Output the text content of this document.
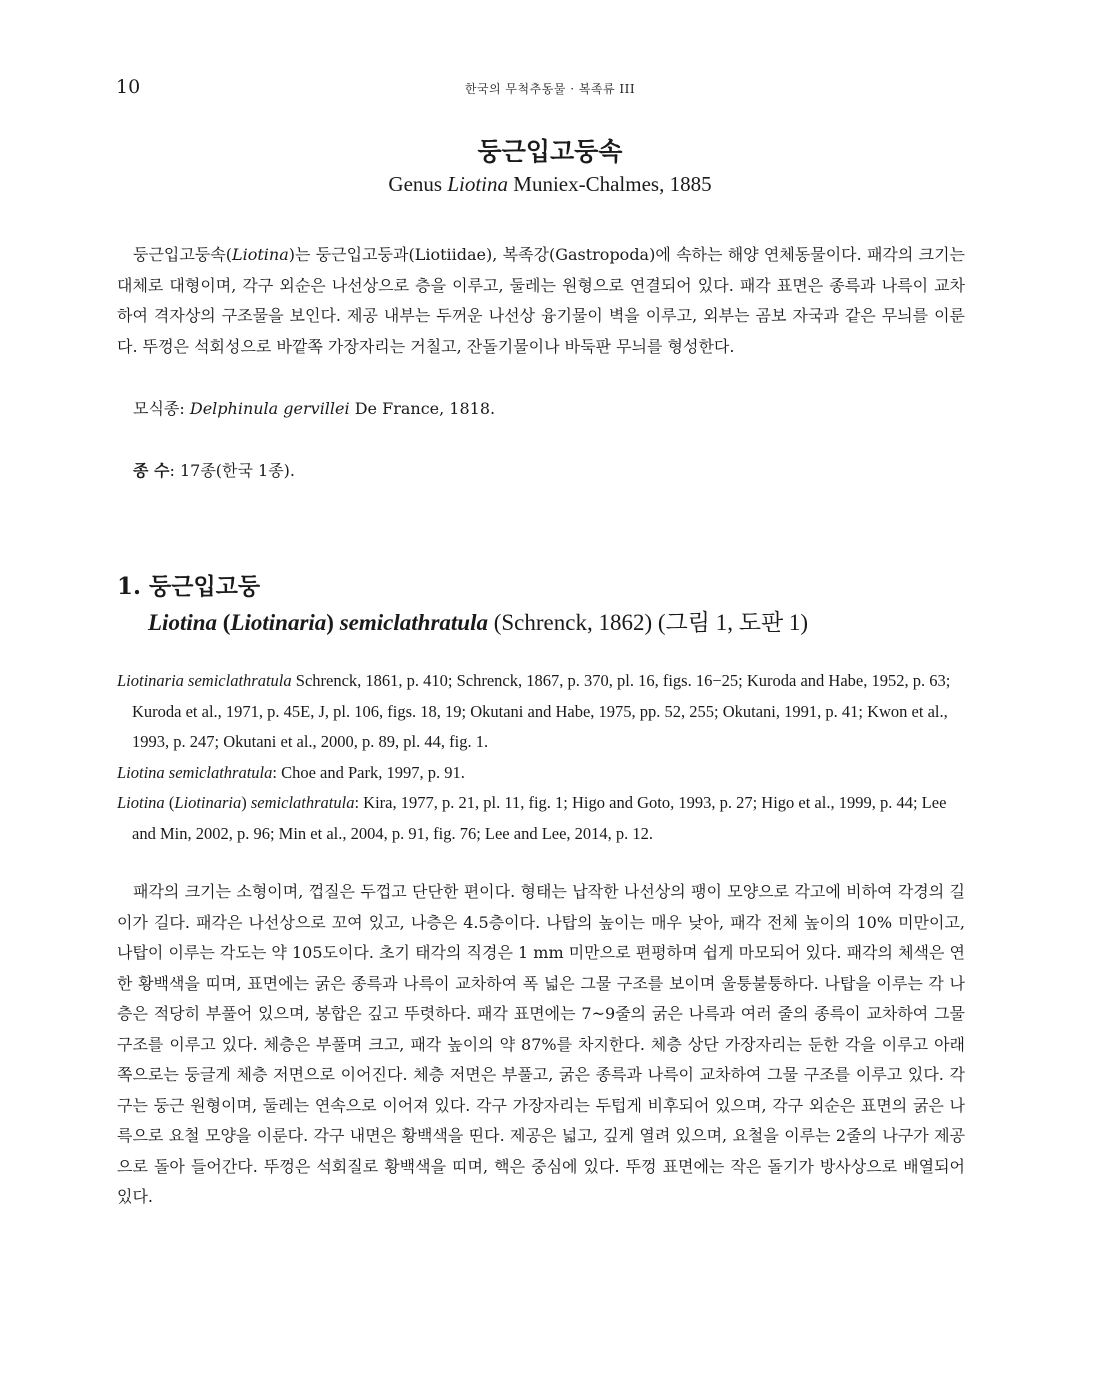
10	한국의 무척추동물 · 복족류 III
둥근입고둥속
Genus Liotina Muniex-Chalmes, 1885

둥근입고둥속(Liotina)는 둥근입고둥과(Liotiidae), 복족강(Gastropoda)에 속하는 해양 연체동물이다. 패각의 크기는 대체로 대형이며, 각구 외순은 나선상으로 층을 이루고, 둘레는 원형으로 연결되어 있다. 패각 표면은 종륵과 나륵이 교차하여 격자상의 구조물을 보인다. 제공 내부는 두꺼운 나선상 융기물이 벽을 이루고, 외부는 곰보 자국과 같은 무늬를 이룬다. 뚜껑은 석회성으로 바깥쪽 가장자리는 거칠고, 잔돌기물이나 바둑판 무늬를 형성한다.

모식종: Delphinula gervillei De France, 1818.
종 수: 17종(한국 1종).
1. 둥근입고둥
Liotina (Liotinaria) semiclathratula (Schrenck, 1862) (그림 1, 도판 1)

Liotinaria semiclathratula Schrenck, 1861, p. 410; Schrenck, 1867, p. 370, pl. 16, figs. 16−25; Kuroda and Habe, 1952, p. 63; Kuroda et al., 1971, p. 45E, J, pl. 106, figs. 18, 19; Okutani and Habe, 1975, pp. 52, 255; Okutani, 1991, p. 41; Kwon et al., 1993, p. 247; Okutani et al., 2000, p. 89, pl. 44, fig. 1.

Liotina semiclathratula: Choe and Park, 1997, p. 91.

Liotina (Liotinaria) semiclathratula: Kira, 1977, p. 21, pl. 11, fig. 1; Higo and Goto, 1993, p. 27; Higo et al., 1999, p. 44; Lee and Min, 2002, p. 96; Min et al., 2004, p. 91, fig. 76; Lee and Lee, 2014, p. 12.

패각의 크기는 소형이며, 껍질은 두껍고 단단한 편이다. 형태는 납작한 나선상의 팽이 모양으로 각고에 비하여 각경의 길이가 길다. 패각은 나선상으로 꼬여 있고, 나층은 4.5층이다. 나탑의 높이는 매우 낮아, 패각 전체 높이의 10% 미만이고, 나탑이 이루는 각도는 약 105도이다. 초기 태각의 직경은 1 mm 미만으로 편평하며 쉽게 마모되어 있다. 패각의 체색은 연한 황백색을 띠며, 표면에는 굵은 종륵과 나륵이 교차하여 폭 넓은 그물 구조를 보이며 울퉁불퉁하다. 나탑을 이루는 각 나층은 적당히 부풀어 있으며, 봉합은 깊고 뚜렷하다. 패각 표면에는 7~9줄의 굵은 나륵과 여러 줄의 종륵이 교차하여 그물 구조를 이루고 있다. 체층은 부풀며 크고, 패각 높이의 약 87%를 차지한다. 체층 상단 가장자리는 둔한 각을 이루고 아래쪽으로는 둥글게 체층 저면으로 이어진다. 체층 저면은 부풀고, 굵은 종륵과 나륵이 교차하여 그물 구조를 이루고 있다. 각구는 둥근 원형이며, 둘레는 연속으로 이어져 있다. 각구 가장자리는 두텁게 비후되어 있으며, 각구 외순은 표면의 굵은 나륵으로 요철 모양을 이룬다. 각구 내면은 황백색을 띤다. 제공은 넓고, 깊게 열려 있으며, 요철을 이루는 2줄의 나구가 제공으로 돌아 들어간다. 뚜껑은 석회질로 황백색을 띠며, 핵은 중심에 있다. 뚜껑 표면에는 작은 돌기가 방사상으로 배열되어 있다.
